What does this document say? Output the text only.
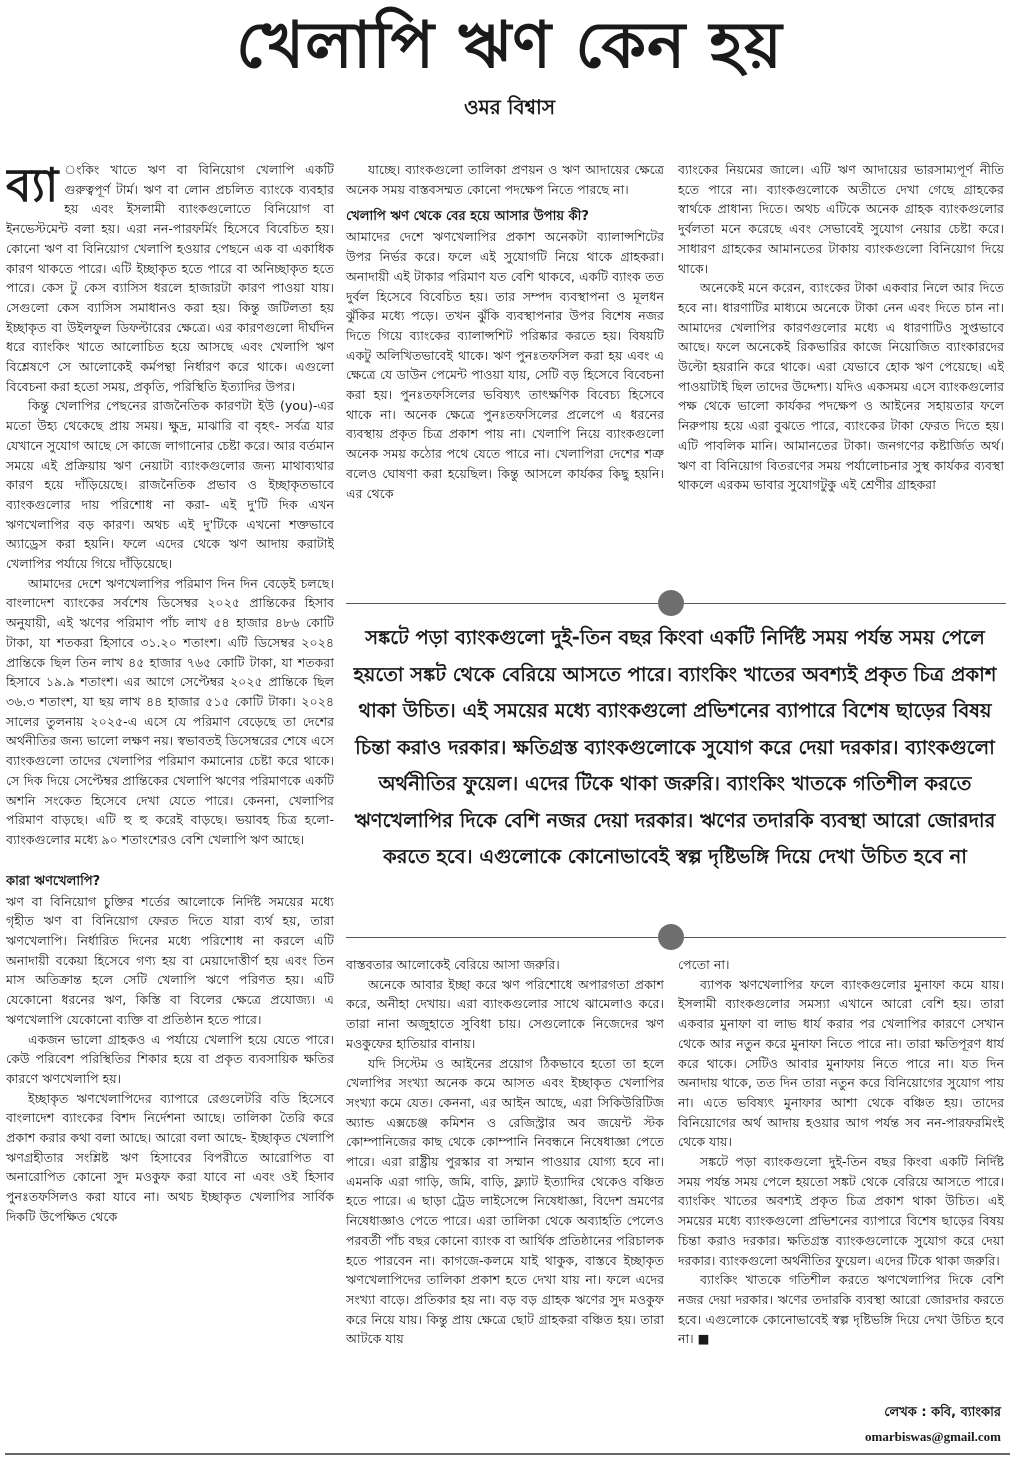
খেলাপি ঋণ কেন হয়
ওমর বিশ্বাস

ব্যা ংকিং খাতে ঋণ বা বিনিয়োগ খেলাপি একটি গুরুত্বপূর্ণ টার্ম। ঋণ বা লোন প্রচলিত ব্যাংকে ব্যবহার হয় এবং ইসলামী ব্যাংকগুলোতে বিনিয়োগ বা ইনভেস্টমেন্ট বলা হয়। এরা নন-পারফর্মিং হিসেবে বিবেচিত হয়। কোনো ঋণ বা বিনিয়োগ খেলাপি হওয়ার পেছনে এক বা একাধিক কারণ থাকতে পারে। এটি ইচ্ছাকৃত হতে পারে বা অনিচ্ছাকৃত হতে পারে। কেস টু কেস ব্যাসিস ধরলে হাজারটা কারণ পাওয়া যায়। সেগুলো কেস ব্যাসিস সমাধানও করা হয়। কিন্তু জটিলতা হয় ইচ্ছাকৃত বা উইলফুল ডিফল্টারের ক্ষেত্রে। এর কারণগুলো দীর্ঘদিন ধরে ব্যাংকিং খাতে আলোচিত হয়ে আসছে এবং খেলাপি ঋণ বিশ্লেষণে সে আলোকেই কর্মপন্থা নির্ধারণ করে থাকে। এগুলো বিবেচনা করা হতো সময়, প্রকৃতি, পরিস্থিতি ইত্যাদির উপর।

কিন্তু খেলাপির পেছনের রাজনৈতিক কারণটা ইউ (you)-এর মতো উহ্য থেকেছে প্রায় সময়। ক্ষুদ্র, মাঝারি বা বৃহৎ- সর্বত্র যার যেখানে সুযোগ আছে সে কাজে লাগানোর চেষ্টা করে। আর বর্তমান সময়ে এই প্রক্রিয়ায় ঋণ নেয়াটা ব্যাংকগুলোর জন্য মাথাব্যথার কারণ হয়ে দাঁড়িয়েছে। রাজনৈতিক প্রভাব ও ইচ্ছাকৃতভাবে ব্যাংকগুলোর দায় পরিশোধ না করা- এই দু'টি দিক এখন ঋণখেলাপির বড় কারণ। অথচ এই দু'টিকে এখনো শক্তভাবে অ্যাড্রেস করা হয়নি। ফলে এদের থেকে ঋণ আদায় করাটাই খেলাপির পর্যায়ে গিয়ে দাঁড়িয়েছে।

আমাদের দেশে ঋণখেলাপির পরিমাণ দিন দিন বেড়েই চলছে। বাংলাদেশ ব্যাংকের সর্বশেষ ডিসেম্বর ২০২৫ প্রান্তিকের হিসাব অনুযায়ী, এই ঋণের পরিমাণ পাঁচ লাখ ৫৪ হাজার ৪৮৬ কোটি টাকা, যা শতকরা হিসাবে ৩১.২০ শতাংশ। এটি ডিসেম্বর ২০২৪ প্রান্তিকে ছিল তিন লাখ ৪৫ হাজার ৭৬৫ কোটি টাকা, যা শতকরা হিসাবে ১৯.৯ শতাংশ। এর আগে সেপ্টেম্বর ২০২৫ প্রান্তিকে ছিল ৩৬.৩ শতাংশ, যা ছয় লাখ ৪৪ হাজার ৫১৫ কোটি টাকা। ২০২৪ সালের তুলনায় ২০২৫-এ এসে যে পরিমাণ বেড়েছে তা দেশের অর্থনীতির জন্য ভালো লক্ষণ নয়। স্বভাবতই ডিসেম্বরের শেষে এসে ব্যাংকগুলো তাদের খেলাপির পরিমাণ কমানোর চেষ্টা করে থাকে। সে দিক দিয়ে সেপ্টেম্বর প্রান্তিকের খেলাপি ঋণের পরিমাণকে একটি অশনি সংকেত হিসেবে দেখা যেতে পারে। কেননা, খেলাপির পরিমাণ বাড়ছে। এটি হু হু করেই বাড়ছে। ভয়াবহ চিত্র হলো- ব্যাংকগুলোর মধ্যে ৯০ শতাংশেরও বেশি খেলাপি ঋণ আছে।

কারা ঋণখেলাপি?

ঋণ বা বিনিয়োগ চুক্তির শর্তের আলোকে নির্দিষ্ট সময়ের মধ্যে গৃহীত ঋণ বা বিনিয়োগ ফেরত দিতে যারা ব্যর্থ হয়, তারা ঋণখেলাপি। নির্ধারিত দিনের মধ্যে পরিশোধ না করলে এটি অনাদায়ী বকেয়া হিসেবে গণ্য হয় বা মেয়াদোত্তীর্ণ হয় এবং তিন মাস অতিক্রান্ত হলে সেটি খেলাপি ঋণে পরিণত হয়। এটি যেকোনো ধরনের ঋণ, কিস্তি বা বিলের ক্ষেত্রে প্রযোজ্য। এ ঋণখেলাপি যেকোনো ব্যক্তি বা প্রতিষ্ঠান হতে পারে।

একজন ভালো গ্রাহকও এ পর্যায়ে খেলাপি হয়ে যেতে পারে। কেউ পরিবেশ পরিস্থিতির শিকার হয়ে বা প্রকৃত ব্যবসায়িক ক্ষতির কারণে ঋণখেলাপি হয়।

ইচ্ছাকৃত ঋণখেলাপিদের ব্যাপারে রেগুলেটরি বডি হিসেবে বাংলাদেশ ব্যাংকের বিশদ নির্দেশনা আছে। তালিকা তৈরি করে প্রকাশ করার কথা বলা আছে। আরো বলা আছে- ইচ্ছাকৃত খেলাপি ঋণগ্রহীতার সংশ্লিষ্ট ঋণ হিসাবের বিপরীতে আরোপিত বা অনারোপিত কোনো সুদ মওকুফ করা যাবে না এবং ওই হিসাব পুনঃতফসিলও করা যাবে না। অথচ ইচ্ছাকৃত খেলাপির সার্বিক দিকটি উপেক্ষিত থেকে

যাচ্ছে। ব্যাংকগুলো তালিকা প্রণয়ন ও ঋণ আদায়ের ক্ষেত্রে অনেক সময় বাস্তবসম্মত কোনো পদক্ষেপ নিতে পারছে না।

খেলাপি ঋণ থেকে বের হয়ে আসার উপায় কী?

আমাদের দেশে ঋণখেলাপির প্রকাশ অনেকটা ব্যালান্সশিটের উপর নির্ভর করে। ফলে এই সুযোগটি নিয়ে থাকে গ্রাহকরা। অনাদায়ী এই টাকার পরিমাণ যত বেশি থাকবে, একটি ব্যাংক তত দুর্বল হিসেবে বিবেচিত হয়। তার সম্পদ ব্যবস্থাপনা ও মূলধন ঝুঁকির মধ্যে পড়ে। তখন ঝুঁকি ব্যবস্থাপনার উপর বিশেষ নজর দিতে গিয়ে ব্যাংকের ব্যালান্সশিট পরিষ্কার করতে হয়। বিষয়টি একটু অলিখিতভাবেই থাকে। ঋণ পুনঃতফসিল করা হয় এবং এ ক্ষেত্রে যে ডাউন পেমেন্ট পাওয়া যায়, সেটি বড় হিসেবে বিবেচনা করা হয়। পুনঃতফসিলের ভবিষ্যৎ তাৎক্ষণিক বিবেচ্য হিসেবে থাকে না। অনেক ক্ষেত্রে পুনঃতফসিলের প্রলেপে এ ধরনের ব্যবস্থায় প্রকৃত চিত্র প্রকাশ পায় না। খেলাপি নিয়ে ব্যাংকগুলো অনেক সময় কঠোর পথে যেতে পারে না। খেলাপিরা দেশের শত্রু বলেও ঘোষণা করা হয়েছিল। কিন্তু আসলে কার্যকর কিছু হয়নি। এর থেকে

ব্যাংকের নিয়মের জালে। এটি ঋণ আদায়ের ভারসাম্যপূর্ণ নীতি হতে পারে না। ব্যাংকগুলোকে অতীতে দেখা গেছে গ্রাহকের স্বার্থকে প্রাধান্য দিতে। অথচ এটিকে অনেক গ্রাহক ব্যাংকগুলোর দুর্বলতা মনে করেছে এবং সেভাবেই সুযোগ নেয়ার চেষ্টা করে। সাধারণ গ্রাহকের আমানতের টাকায় ব্যাংকগুলো বিনিয়োগ দিয়ে থাকে।

অনেকেই মনে করেন, ব্যাংকের টাকা একবার নিলে আর দিতে হবে না। ধারণাটির মাধ্যমে অনেকে টাকা নেন এবং দিতে চান না। আমাদের খেলাপির কারণগুলোর মধ্যে এ ধারণাটিও সুপ্তভাবে আছে। ফলে অনেকেই রিকভারির কাজে নিয়োজিত ব্যাংকারদের উল্টো হয়রানি করে থাকে। এরা যেভাবে হোক ঋণ পেয়েছে। এই পাওয়াটাই ছিল তাদের উদ্দেশ্য। যদিও একসময় এসে ব্যাংকগুলোর পক্ষ থেকে ভালো কার্যকর পদক্ষেপ ও আইনের সহায়তার ফলে নিরুপায় হয়ে এরা বুঝতে পারে, ব্যাংকের টাকা ফেরত দিতে হয়। এটি পাবলিক মানি। আমানতের টাকা। জনগণের কষ্টার্জিত অর্থ। ঋণ বা বিনিয়োগ বিতরণের সময় পর্যালোচনার সুস্থ কার্যকর ব্যবস্থা থাকলে এরকম ভাবার সুযোগটুকু এই শ্রেণীর গ্রাহকরা

সঙ্কটে পড়া ব্যাংকগুলো দুই-তিন বছর কিংবা একটি নির্দিষ্ট সময় পর্যন্ত সময় পেলে হয়তো সঙ্কট থেকে বেরিয়ে আসতে পারে। ব্যাংকিং খাতের অবশ্যই প্রকৃত চিত্র প্রকাশ থাকা উচিত। এই সময়ের মধ্যে ব্যাংকগুলো প্রভিশনের ব্যাপারে বিশেষ ছাড়ের বিষয় চিন্তা করাও দরকার। ক্ষতিগ্রস্ত ব্যাংকগুলোকে সুযোগ করে দেয়া দরকার। ব্যাংকগুলো অর্থনীতির ফুয়েল। এদের টিকে থাকা জরুরি। ব্যাংকিং খাতকে গতিশীল করতে ঋণখেলাপির দিকে বেশি নজর দেয়া দরকার। ঋণের তদারকি ব্যবস্থা আরো জোরদার করতে হবে। এগুলোকে কোনোভাবেই স্বল্প দৃষ্টিভঙ্গি দিয়ে দেখা উচিত হবে না

বাস্তবতার আলোকেই বেরিয়ে আসা জরুরি।

অনেকে আবার ইচ্ছা করে ঋণ পরিশোধে অপারগতা প্রকাশ করে, অনীহা দেখায়। এরা ব্যাংকগুলোর সাথে ঝামেলাও করে। তারা নানা অজুহাতে সুবিধা চায়। সেগুলোকে নিজেদের ঋণ মওকুফের হাতিয়ার বানায়।

যদি সিস্টেম ও আইনের প্রয়োগ ঠিকভাবে হতো তা হলে খেলাপির সংখ্যা অনেক কমে আসত এবং ইচ্ছাকৃত খেলাপির সংখ্যা কমে যেত। কেননা, এর আইন আছে, এরা সিকিউরিটিজ অ্যান্ড এক্সচেঞ্জ কমিশন ও রেজিস্ট্রার অব জয়েন্ট স্টক কোম্পানিজের কাছ থেকে কোম্পানি নিবন্ধনে নিষেধাজ্ঞা পেতে পারে। এরা রাষ্ট্রীয় পুরস্কার বা সম্মান পাওয়ার যোগ্য হবে না। এমনকি এরা গাড়ি, জমি, বাড়ি, ফ্ল্যাট ইত্যাদির থেকেও বঞ্চিত হতে পারে। এ ছাড়া ট্রেড লাইসেন্সে নিষেধাজ্ঞা, বিদেশ ভ্রমণের নিষেধাজ্ঞাও পেতে পারে। এরা তালিকা থেকে অব্যাহতি পেলেও পরবর্তী পাঁচ বছর কোনো ব্যাংক বা আর্থিক প্রতিষ্ঠানের পরিচালক হতে পারবেন না। কাগজে-কলমে যাই থাকুক, বাস্তবে ইচ্ছাকৃত ঋণখেলাপিদের তালিকা প্রকাশ হতে দেখা যায় না। ফলে এদের সংখ্যা বাড়ে। প্রতিকার হয় না। বড় বড় গ্রাহক ঋণের সুদ মওকুফ করে নিয়ে যায়। কিন্তু প্রায় ক্ষেত্রে ছোট গ্রাহকরা বঞ্চিত হয়। তারা আটকে যায়

পেতো না।

ব্যাপক ঋণখেলাপির ফলে ব্যাংকগুলোর মুনাফা কমে যায়। ইসলামী ব্যাংকগুলোর সমস্যা এখানে আরো বেশি হয়। তারা একবার মুনাফা বা লাভ ধার্য করার পর খেলাপির কারণে সেখান থেকে আর নতুন করে মুনাফা নিতে পারে না। তারা ক্ষতিপূরণ ধার্য করে থাকে। সেটিও আবার মুনাফায় নিতে পারে না। যত দিন অনাদায় থাকে, তত দিন তারা নতুন করে বিনিয়োগের সুযোগ পায় না। এতে ভবিষ্যৎ মুনাফার আশা থেকে বঞ্চিত হয়। তাদের বিনিয়োগের অর্থ আদায় হওয়ার আগ পর্যন্ত সব নন-পারফরমিংই থেকে যায়।

সঙ্কটে পড়া ব্যাংকগুলো দুই-তিন বছর কিংবা একটি নির্দিষ্ট সময় পর্যন্ত সময় পেলে হয়তো সঙ্কট থেকে বেরিয়ে আসতে পারে। ব্যাংকিং খাতের অবশ্যই প্রকৃত চিত্র প্রকাশ থাকা উচিত। এই সময়ের মধ্যে ব্যাংকগুলো প্রভিশনের ব্যাপারে বিশেষ ছাড়ের বিষয় চিন্তা করাও দরকার। ক্ষতিগ্রস্ত ব্যাংকগুলোকে সুযোগ করে দেয়া দরকার। ব্যাংকগুলো অর্থনীতির ফুয়েল। এদের টিকে থাকা জরুরি।

ব্যাংকিং খাতকে গতিশীল করতে ঋণখেলাপির দিকে বেশি নজর দেয়া দরকার। ঋণের তদারকি ব্যবস্থা আরো জোরদার করতে হবে। এগুলোকে কোনোভাবেই স্বল্প দৃষ্টিভঙ্গি দিয়ে দেখা উচিত হবে না। ■

লেখক : কবি, ব্যাংকার
omarbiswas@gmail.com
